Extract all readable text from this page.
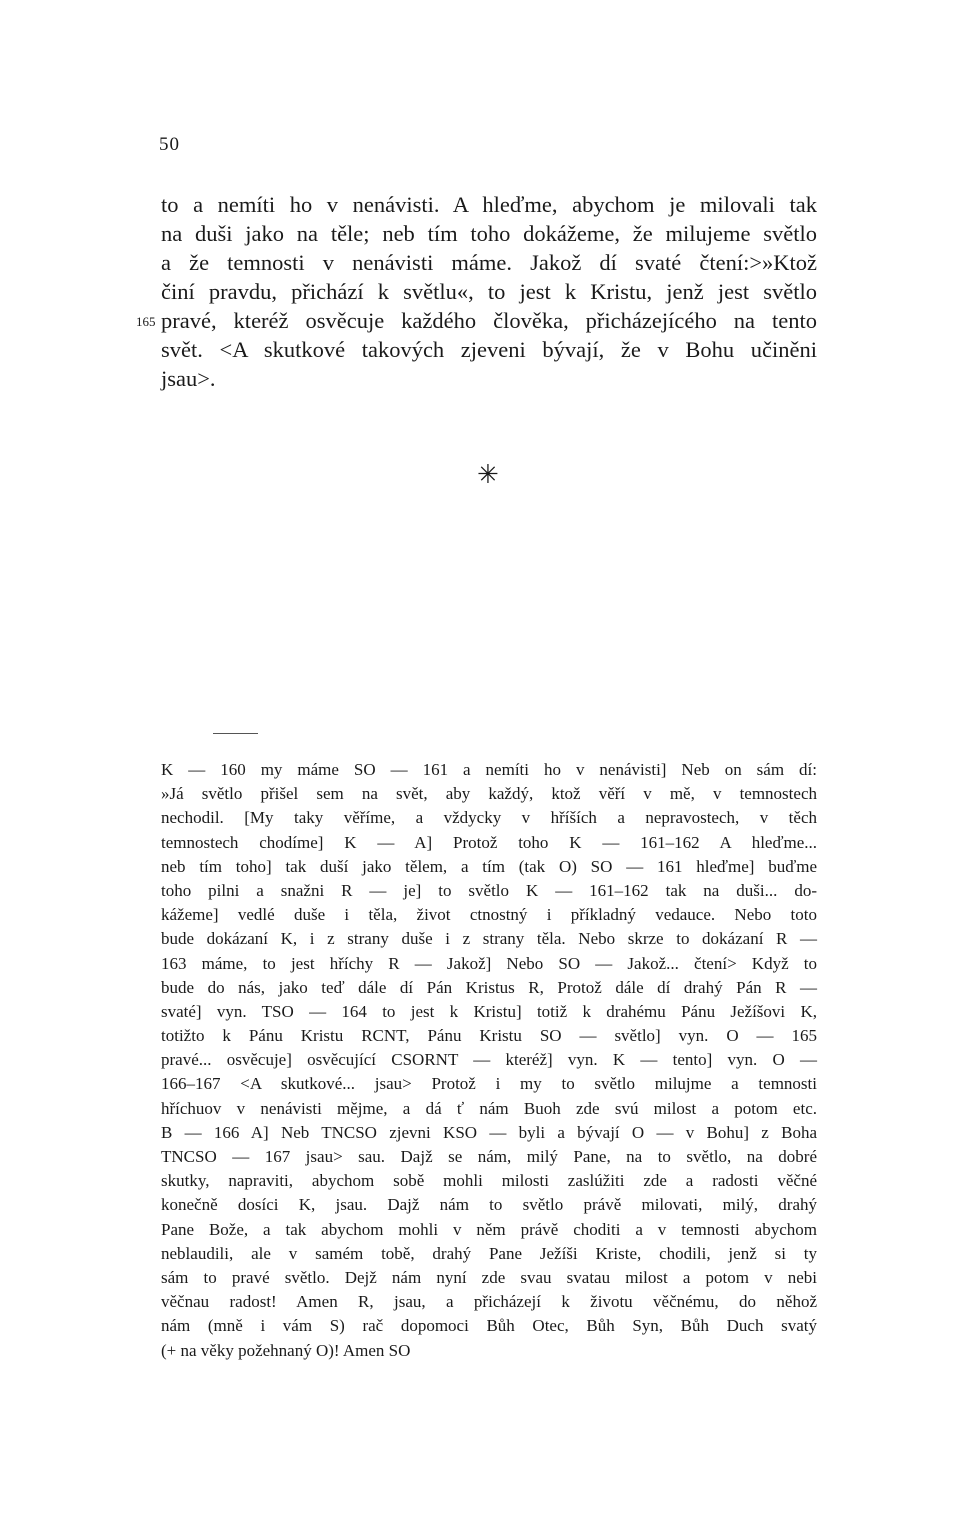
50
to a nemíti ho v nenávisti. A hleďme, abychom je milovali tak
na duši jako na těle; neb tím toho dokážeme, že milujeme světlo
a že temnosti v nenávisti máme. Jakož dí svaté čtení:>»Ktož
činí pravdu, přichází k světlu«, to jest k Kristu, jenž jest světlo
165 pravé, kteréž osvěcuje každého člověka, přicházejícého na tento
svět. <A skutkové takových zjeveni bývají, že v Bohu učiněni
jsau>.
✳
K — 160 my máme SO — 161 a nemíti ho v nenávisti] Neb on sám dí:
»Já světlo přišel sem na svět, aby každý, ktož věří v mě, v temnostech
nechodil. [My taky věříme, a vždycky v hříších a nepravostech, v těch
temnostech chodíme] K — A] Protož toho K — 161–162 A hleďme...
neb tím toho] tak duší jako tělem, a tím (tak O) SO — 161 hleďme] buďme
toho pilni a snažni R — je] to světlo K — 161–162 tak na duši... do-
kážeme] vedlé duše i těla, život ctnostný i příkladný vedauce. Nebo toto
bude dokázaní K, i z strany duše i z strany těla. Nebo skrze to dokázaní R —
163 máme, to jest hříchy R — Jakož] Nebo SO — Jakož... čtení> Když to
bude do nás, jako teď dále dí Pán Kristus R, Protož dále dí drahý Pán R —
svaté] vyn. TSO — 164 to jest k Kristu] totiž k drahému Pánu Ježíšovi K,
totižto k Pánu Kristu RCNT, Pánu Kristu SO — světlo] vyn. O — 165
pravé... osvěcuje] osvěcující CSORNT — kteréž] vyn. K — tento] vyn. O —
166–167 <A skutkové... jsau> Protož i my to světlo milujme a temnosti
hříchuov v nenávisti mějme, a dá ť nám Buoh zde svú milost a potom etc.
B — 166 A] Neb TNCSO zjevni KSO — byli a bývají O — v Bohu] z Boha
TNCSO — 167 jsau> sau. Dajž se nám, milý Pane, na to světlo, na dobré
skutky, napraviti, abychom sobě mohli milosti zaslúžiti zde a radosti věčné
konečně dosíci K, jsau. Dajž nám to světlo právě milovati, milý, drahý
Pane Bože, a tak abychom mohli v něm právě choditi a v temnosti abychom
neblaudili, ale v samém tobě, drahý Pane Ježíši Kriste, chodili, jenž si ty
sám to pravé světlo. Dejž nám nyní zde svau svatau milost a potom v nebi
věčnau radost! Amen R, jsau, a přicházejí k životu věčnému, do něhož
nám (mně i vám S) rač dopomoci Bůh Otec, Bůh Syn, Bůh Duch svatý
(+ na věky požehnaný O)! Amen SO
